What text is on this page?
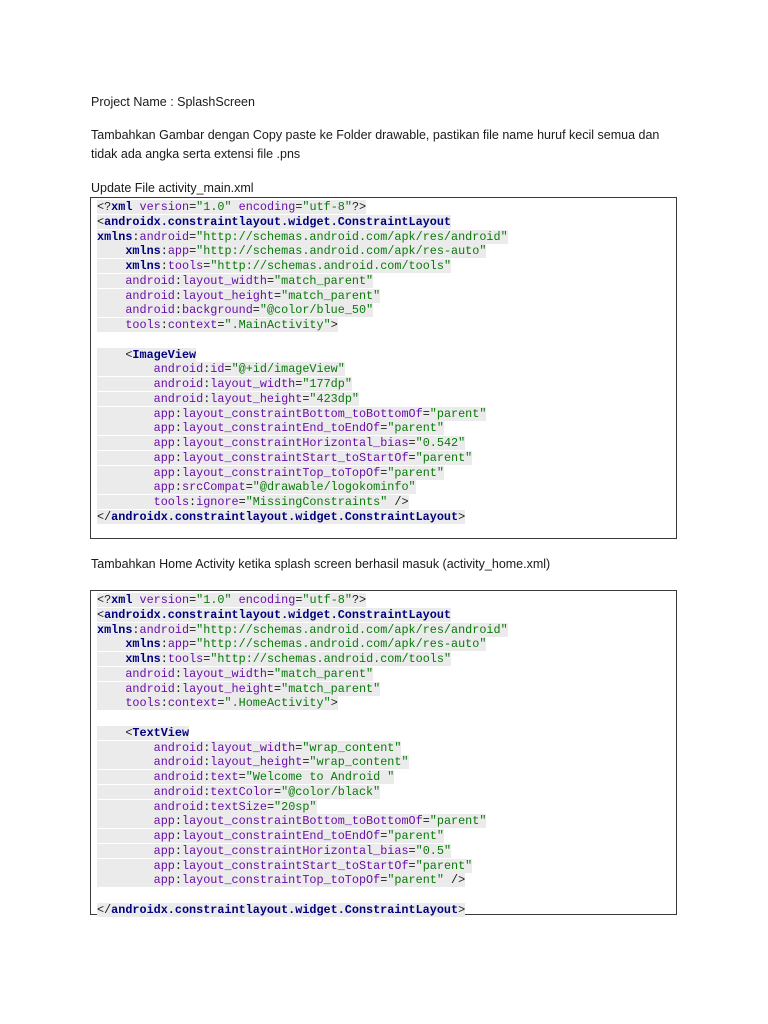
Project Name : SplashScreen

Tambahkan Gambar dengan Copy paste ke Folder drawable, pastikan file name huruf kecil semua dan tidak ada angka serta extensi file .pns

Update File activity_main.xml

<?xml version="1.0" encoding="utf-8"?>
<androidx.constraintlayout.widget.ConstraintLayout
xmlns:android="http://schemas.android.com/apk/res/android"
xmlns:app="http://schemas.android.com/apk/res-auto"
xmlns:tools="http://schemas.android.com/tools"
android:layout_width="match_parent"
android:layout_height="match_parent"
android:background="@color/blue_50"
tools:context=".MainActivity">
<ImageView
android:id="@+id/imageView"
android:layout_width="177dp"
android:layout_height="423dp"
app:layout_constraintBottom_toBottomOf="parent"
app:layout_constraintEnd_toEndOf="parent"
app:layout_constraintHorizontal_bias="0.542"
app:layout_constraintStart_toStartOf="parent"
app:layout_constraintTop_toTopOf="parent"
app:srcCompat="@drawable/logokominfo"
tools:ignore="MissingConstraints" />
</androidx.constraintlayout.widget.ConstraintLayout>

Tambahkan Home Activity ketika splash screen berhasil masuk (activity_home.xml)

<?xml version="1.0" encoding="utf-8"?>
<androidx.constraintlayout.widget.ConstraintLayout
xmlns:android="http://schemas.android.com/apk/res/android"
xmlns:app="http://schemas.android.com/apk/res-auto"
xmlns:tools="http://schemas.android.com/tools"
android:layout_width="match_parent"
android:layout_height="match_parent"
tools:context=".HomeActivity">
<TextView
android:layout_width="wrap_content"
android:layout_height="wrap_content"
android:text="Welcome to Android "
android:textColor="@color/black"
android:textSize="20sp"
app:layout_constraintBottom_toBottomOf="parent"
app:layout_constraintEnd_toEndOf="parent"
app:layout_constraintHorizontal_bias="0.5"
app:layout_constraintStart_toStartOf="parent"
app:layout_constraintTop_toTopOf="parent" />
</androidx.constraintlayout.widget.ConstraintLayout>
